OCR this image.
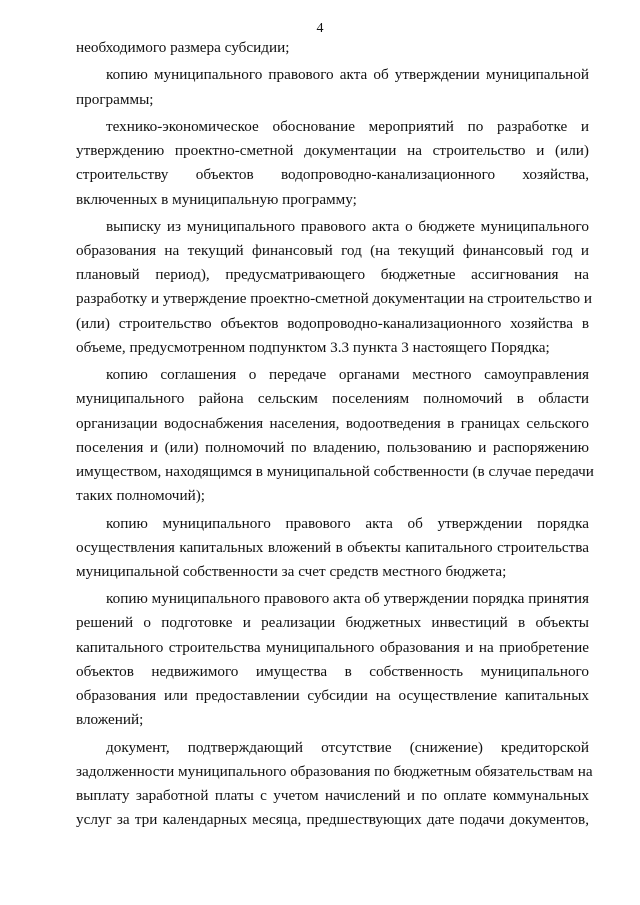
4
необходимого размера субсидии;
копию муниципального правового акта об утверждении муниципальной
программы;
технико-экономическое обоснование мероприятий по разработке и
утверждению проектно-сметной документации на строительство и (или)
строительству объектов водопроводно-канализационного хозяйства,
включенных в муниципальную программу;
выписку из муниципального правового акта о бюджете муниципального
образования на текущий финансовый год (на текущий финансовый год и
плановый период), предусматривающего бюджетные ассигнования на
разработку и утверждение проектно-сметной документации на строительство и
(или) строительство объектов водопроводно-канализационного хозяйства в
объеме, предусмотренном подпунктом 3.3 пункта 3 настоящего Порядка;
копию соглашения о передаче органами местного самоуправления
муниципального района сельским поселениям полномочий в области
организации водоснабжения населения, водоотведения в границах сельского
поселения и (или) полномочий по владению, пользованию и распоряжению
имуществом, находящимся в муниципальной собственности (в случае передачи
таких полномочий);
копию муниципального правового акта об утверждении порядка
осуществления капитальных вложений в объекты капитального строительства
муниципальной собственности за счет средств местного бюджета;
копию муниципального правового акта об утверждении порядка принятия
решений о подготовке и реализации бюджетных инвестиций в объекты
капитального строительства муниципального образования и на приобретение
объектов недвижимого имущества в собственность муниципального
образования или предоставлении субсидии на осуществление капитальных
вложений;
документ, подтверждающий отсутствие (снижение) кредиторской
задолженности муниципального образования по бюджетным обязательствам на
выплату заработной платы с учетом начислений и по оплате коммунальных
услуг за три календарных месяца, предшествующих дате подачи документов,
